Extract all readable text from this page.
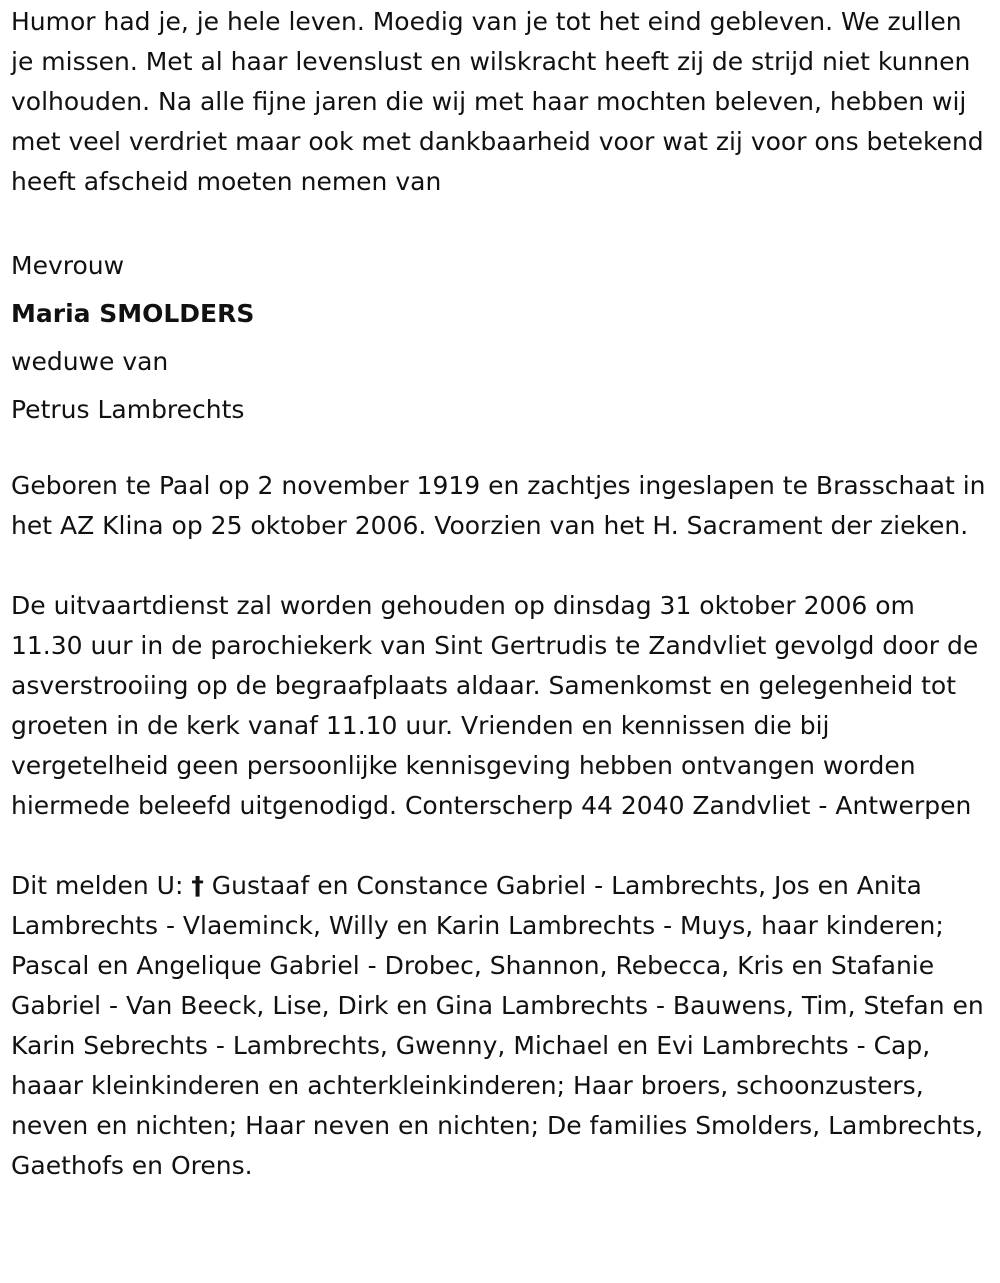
Humor had je, je hele leven. Moedig van je tot het eind gebleven. We zullen je missen. Met al haar levenslust en wilskracht heeft zij de strijd niet kunnen volhouden. Na alle fijne jaren die wij met haar mochten beleven, hebben wij met veel verdriet maar ook met dankbaarheid voor wat zij voor ons betekend heeft afscheid moeten nemen van

Mevrouw
Maria SMOLDERS
weduwe van
Petrus Lambrechts

Geboren te Paal op 2 november 1919 en zachtjes ingeslapen te Brasschaat in het AZ Klina op 25 oktober 2006. Voorzien van het H. Sacrament der zieken.

De uitvaartdienst zal worden gehouden op dinsdag 31 oktober 2006 om 11.30 uur in de parochiekerk van Sint Gertrudis te Zandvliet gevolgd door de asverstrooiing op de begraafplaats aldaar. Samenkomst en gelegenheid tot groeten in de kerk vanaf 11.10 uur. Vrienden en kennissen die bij vergetelheid geen persoonlijke kennisgeving hebben ontvangen worden hiermede beleefd uitgenodigd. Conterscherp 44 2040 Zandvliet - Antwerpen

Dit melden U: † Gustaaf en Constance Gabriel - Lambrechts, Jos en Anita Lambrechts - Vlaeminck, Willy en Karin Lambrechts - Muys, haar kinderen; Pascal en Angelique Gabriel - Drobec, Shannon, Rebecca, Kris en Stafanie Gabriel - Van Beeck, Lise, Dirk en Gina Lambrechts - Bauwens, Tim, Stefan en Karin Sebrechts - Lambrechts, Gwenny, Michael en Evi Lambrechts - Cap, haaar kleinkinderen en achterkleinkinderen; Haar broers, schoonzusters, neven en nichten; Haar neven en nichten; De families Smolders, Lambrechts, Gaethofs en Orens.
